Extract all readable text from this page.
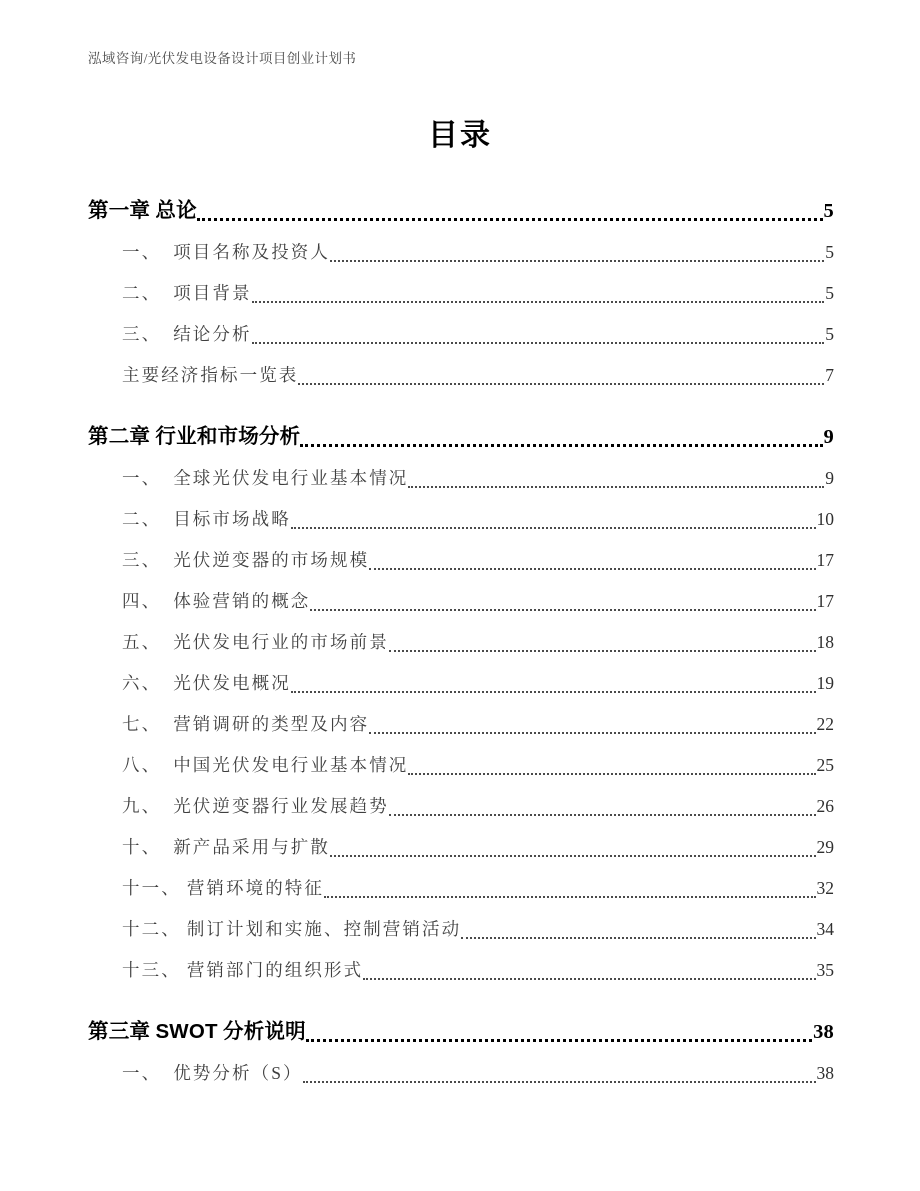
泓域咨询/光伏发电设备设计项目创业计划书
目录
第一章 总论	5
一、 项目名称及投资人	5
二、 项目背景	5
三、 结论分析	5
主要经济指标一览表	7
第二章 行业和市场分析	9
一、 全球光伏发电行业基本情况	9
二、 目标市场战略	10
三、 光伏逆变器的市场规模	17
四、 体验营销的概念	17
五、 光伏发电行业的市场前景	18
六、 光伏发电概况	19
七、 营销调研的类型及内容	22
八、 中国光伏发电行业基本情况	25
九、 光伏逆变器行业发展趋势	26
十、 新产品采用与扩散	29
十一、 营销环境的特征	32
十二、 制订计划和实施、控制营销活动	34
十三、 营销部门的组织形式	35
第三章 SWOT 分析说明	38
一、 优势分析（S）	38
